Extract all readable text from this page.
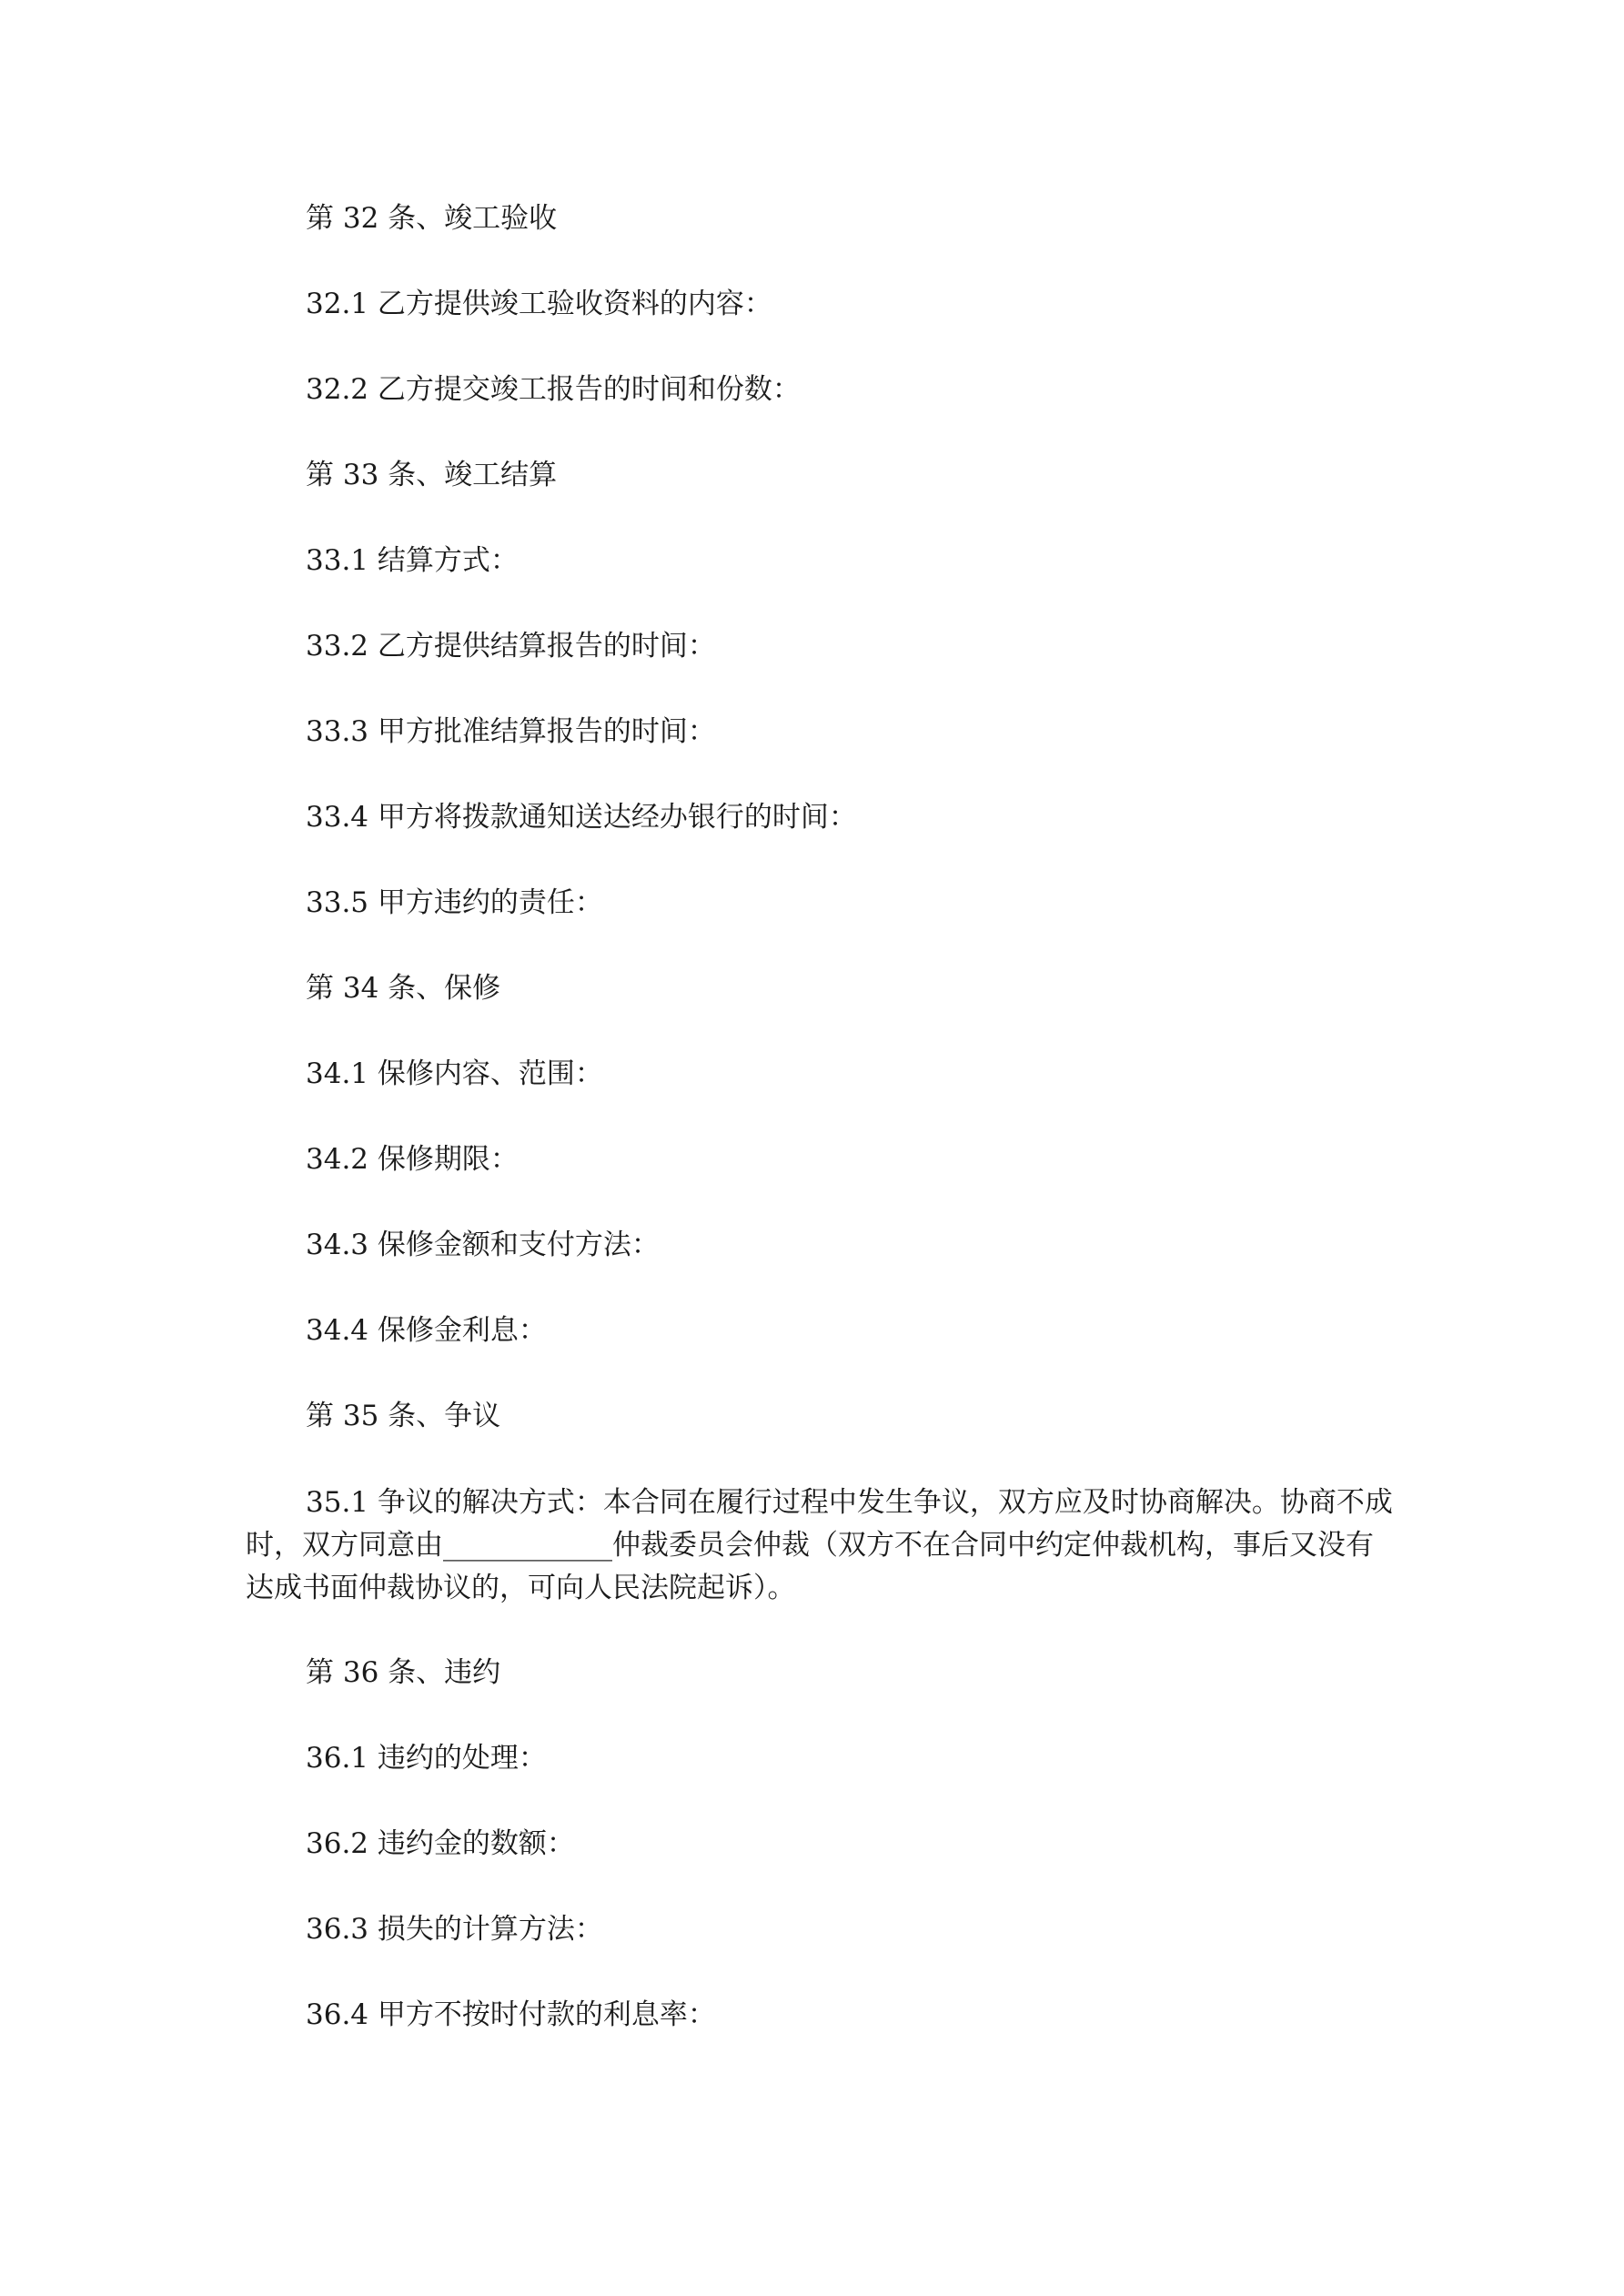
第 32 条、竣工验收
32.1 乙方提供竣工验收资料的内容：
32.2 乙方提交竣工报告的时间和份数：
第 33 条、竣工结算
33.1 结算方式：
33.2 乙方提供结算报告的时间：
33.3 甲方批准结算报告的时间：
33.4 甲方将拨款通知送达经办银行的时间：
33.5 甲方违约的责任：
第 34 条、保修
34.1 保修内容、范围：
34.2 保修期限：
34.3 保修金额和支付方法：
34.4 保修金利息：
第 35 条、争议
35.1 争议的解决方式：本合同在履行过程中发生争议，双方应及时协商解决。协商不成时，双方同意由____________仲裁委员会仲裁（双方不在合同中约定仲裁机构，事后又没有达成书面仲裁协议的，可向人民法院起诉）。
第 36 条、违约
36.1 违约的处理：
36.2 违约金的数额：
36.3 损失的计算方法：
36.4 甲方不按时付款的利息率：
